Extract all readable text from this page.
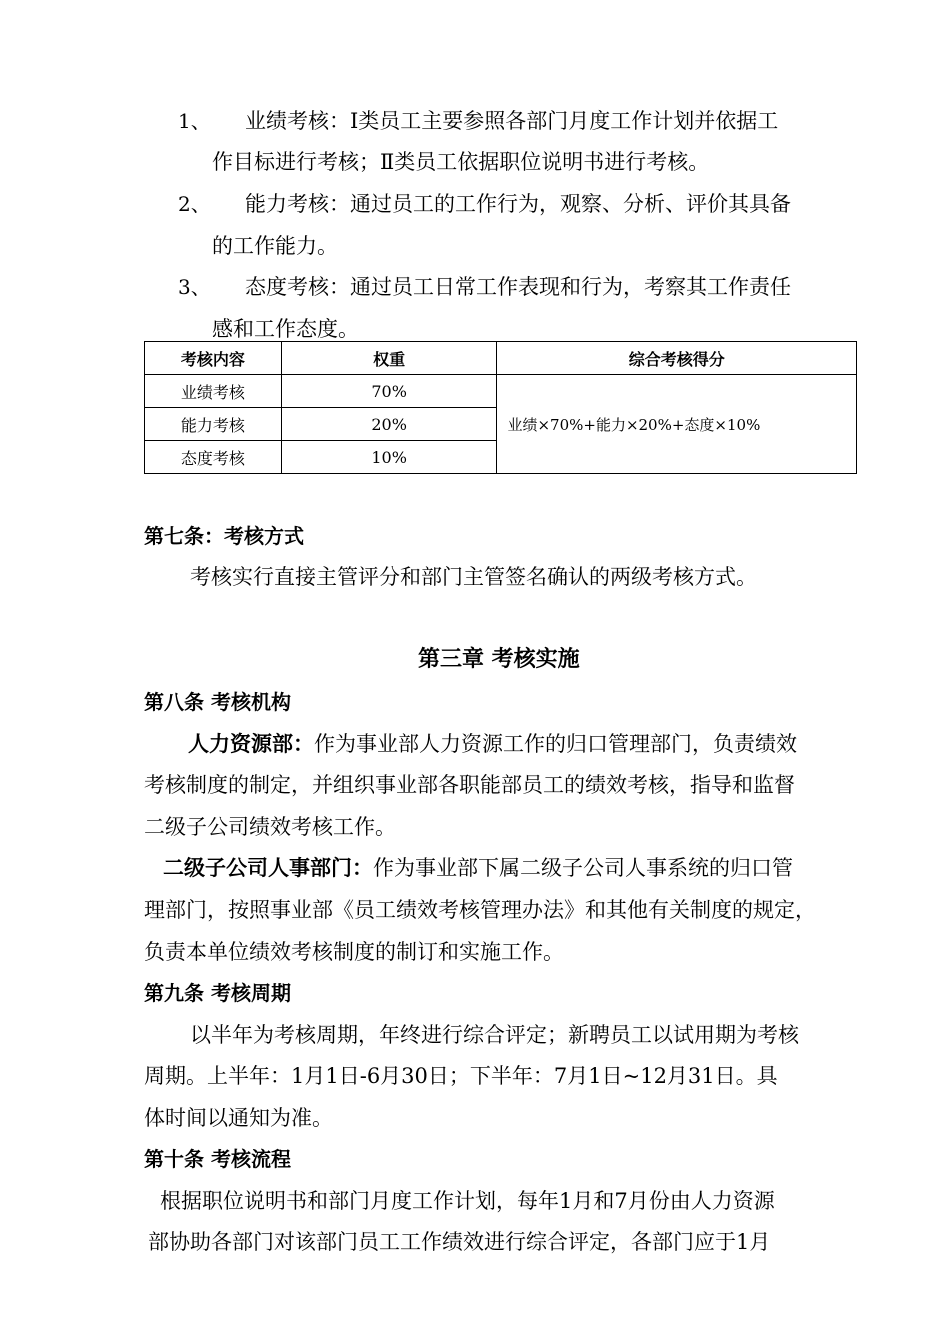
1、 业绩考核：Ⅰ类员工主要参照各部门月度工作计划并依据工
作目标进行考核；Ⅱ类员工依据职位说明书进行考核。
2、 能力考核：通过员工的工作行为，观察、分析、评价其具备
的工作能力。
3、 态度考核：通过员工日常工作表现和行为，考察其工作责任
感和工作态度。
考核内容	权重	综合考核得分
业绩考核	70%	业绩×70%+能力×20%+态度×10%
能力考核	20%	
态度考核	10%	
第七条：考核方式
考核实行直接主管评分和部门主管签名确认的两级考核方式。
第三章 考核实施
第八条 考核机构
人力资源部：作为事业部人力资源工作的归口管理部门，负责绩效
考核制度的制定，并组织事业部各职能部员工的绩效考核，指导和监督
二级子公司绩效考核工作。
二级子公司人事部门：作为事业部下属二级子公司人事系统的归口管
理部门，按照事业部《员工绩效考核管理办法》和其他有关制度的规定，
负责本单位绩效考核制度的制订和实施工作。
第九条 考核周期
以半年为考核周期，年终进行综合评定；新聘员工以试用期为考核
周期。上半年：1月1日-6月30日；下半年：7月1日~12月31日。具
体时间以通知为准。
第十条 考核流程
根据职位说明书和部门月度工作计划，每年1月和7月份由人力资源
部协助各部门对该部门员工工作绩效进行综合评定，各部门应于1月
